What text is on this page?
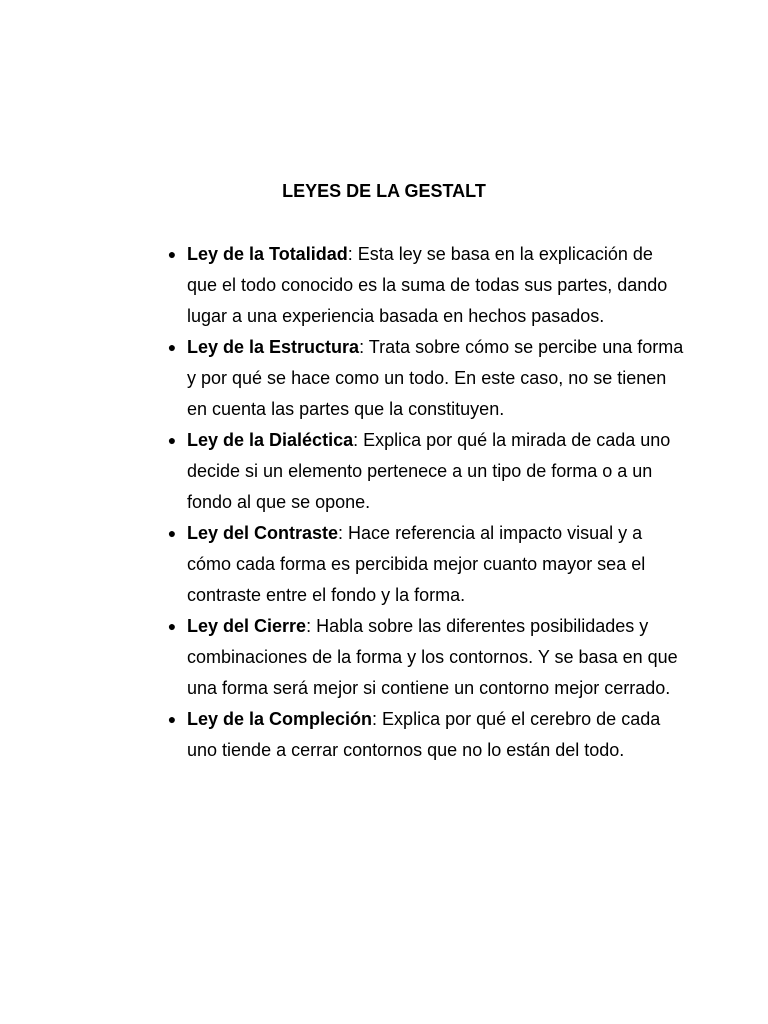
LEYES DE LA GESTALT
● Ley de la Totalidad: Esta ley se basa en la explicación de que el todo conocido es la suma de todas sus partes, dando lugar a una experiencia basada en hechos pasados.
● Ley de la Estructura: Trata sobre cómo se percibe una forma y por qué se hace como un todo. En este caso, no se tienen en cuenta las partes que la constituyen.
● Ley de la Dialéctica: Explica por qué la mirada de cada uno decide si un elemento pertenece a un tipo de forma o a un fondo al que se opone.
● Ley del Contraste: Hace referencia al impacto visual y a cómo cada forma es percibida mejor cuanto mayor sea el contraste entre el fondo y la forma.
● Ley del Cierre: Habla sobre las diferentes posibilidades y combinaciones de la forma y los contornos. Y se basa en que una forma será mejor si contiene un contorno mejor cerrado.
● Ley de la Compleción: Explica por qué el cerebro de cada uno tiende a cerrar contornos que no lo están del todo.
